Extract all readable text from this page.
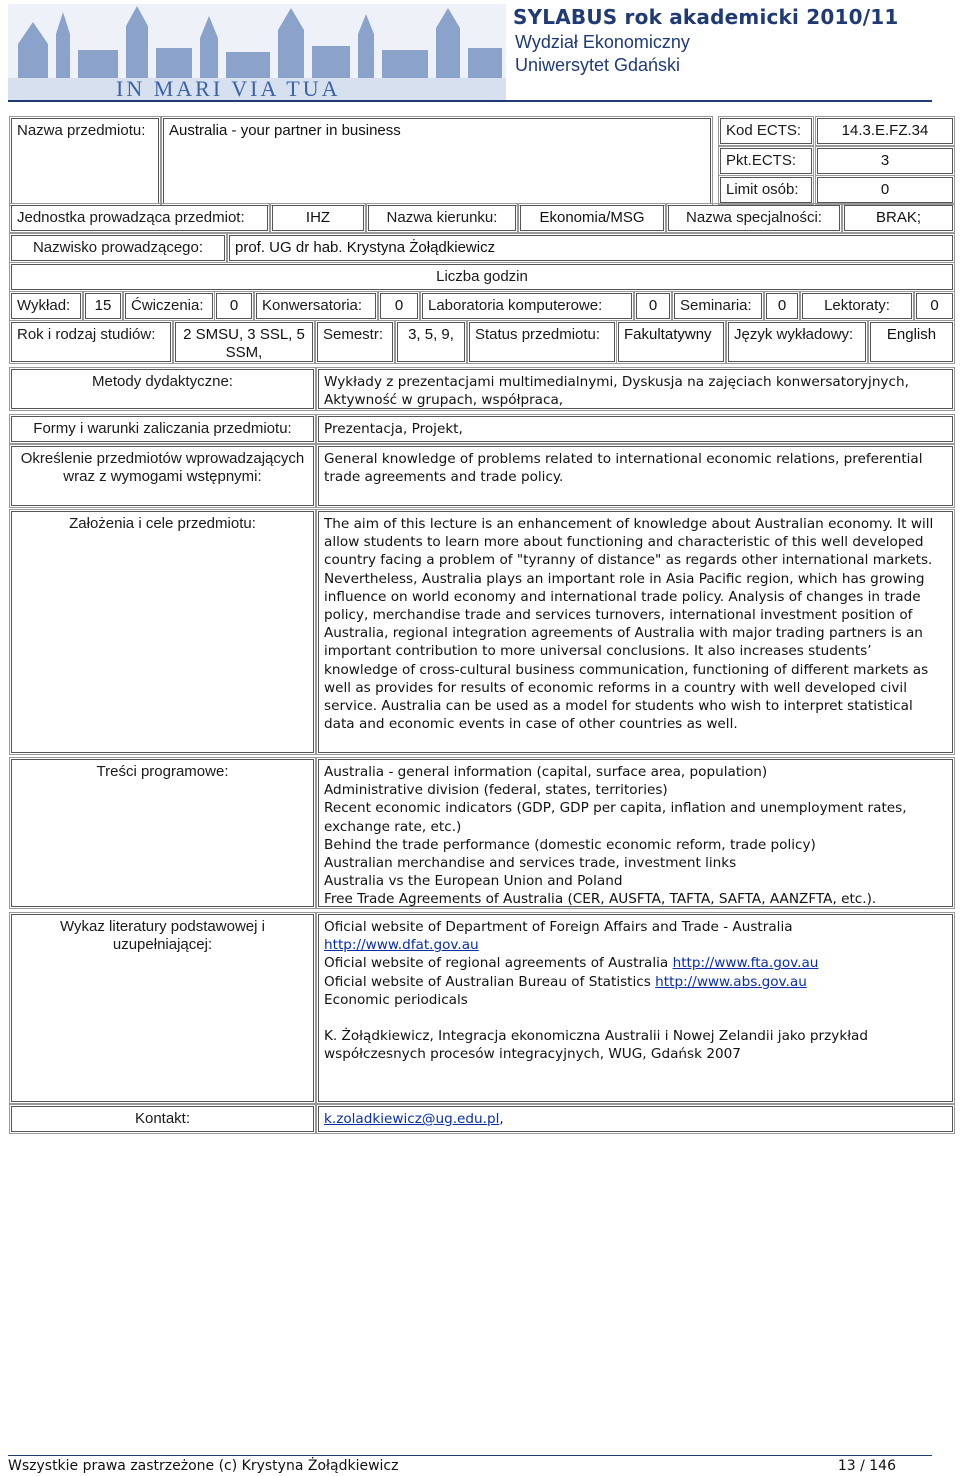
IN MARI VIA TUA
SYLABUS rok akademicki 2010/11
Wydział Ekonomiczny
Uniwersytet Gdański
Nazwa przedmiotu:	Australia - your partner in business	Kod ECTS:	14.3.E.FZ.34
Pkt.ECTS:	3
Limit osób:	0
Jednostka prowadząca przedmiot:	IHZ	Nazwa kierunku:	Ekonomia/MSG	Nazwa specjalności:	BRAK;
Nazwisko prowadzącego:	prof. UG dr hab. Krystyna Żołądkiewicz
Liczba godzin
Wykład:	15	Ćwiczenia:	0	Konwersatoria:	0	Laboratoria komputerowe:	0	Seminaria:	0	Lektoraty:	0
Rok i rodzaj studiów:	2 SMSU, 3 SSL, 5 SSM,
Semestr:	3, 5, 9,	Status przedmiotu:	Fakultatywny	Język wykładowy:	English
Metody dydaktyczne:	Wykłady z prezentacjami multimedialnymi, Dyskusja na zajęciach konwersatoryjnych, Aktywność w grupach, współpraca,
Formy i warunki zaliczania przedmiotu:	Prezentacja, Projekt,
Określenie przedmiotów wprowadzających wraz z wymogami wstępnymi:
General knowledge of problems related to international economic relations, preferential trade agreements and trade policy.
Założenia i cele przedmiotu:	The aim of this lecture is an enhancement of knowledge about Australian economy. It will allow students to learn more about functioning and characteristic of this well developed country facing a problem of "tyranny of distance" as regards other international markets. Nevertheless, Australia plays an important role in Asia Pacific region, which has growing influence on world economy and international trade policy. Analysis of changes in trade policy, merchandise trade and services turnovers, international investment position of Australia, regional integration agreements of Australia with major trading partners is an important contribution to more universal conclusions. It also increases students’ knowledge of cross-cultural business communication, functioning of different markets as well as provides for results of economic reforms in a country with well developed civil service. Australia can be used as a model for students who wish to interpret statistical data and economic events in case of other countries as well.
Treści programowe:	Australia - general information (capital, surface area, population)

Administrative division (federal, states, territories)

Recent economic indicators (GDP, GDP per capita, inflation and unemployment rates, exchange rate, etc.)

Behind the trade performance (domestic economic reform, trade policy)

Australian merchandise and services trade, investment links

Australia vs the European Union and Poland

Free Trade Agreements of Australia (CER, AUSFTA, TAFTA, SAFTA, AANZFTA, etc.).

Wykaz literatury podstawowej i uzupełniającej:

Oficial website of Department of Foreign Affairs and Trade - Australia

http://www.dfat.gov.au

Oficial website of regional agreements of Australia http://www.fta.gov.au

Oficial website of Australian Bureau of Statistics http://www.abs.gov.au

Economic periodicals

K. Żołądkiewicz, Integracja ekonomiczna Australii i Nowej Zelandii jako przykład współczesnych procesów integracyjnych, WUG, Gdańsk 2007

Kontakt:	k.zoladkiewicz@ug.edu.pl,
Wszystkie prawa zastrzeżone (c) Krystyna Żołądkiewicz	13 / 146
